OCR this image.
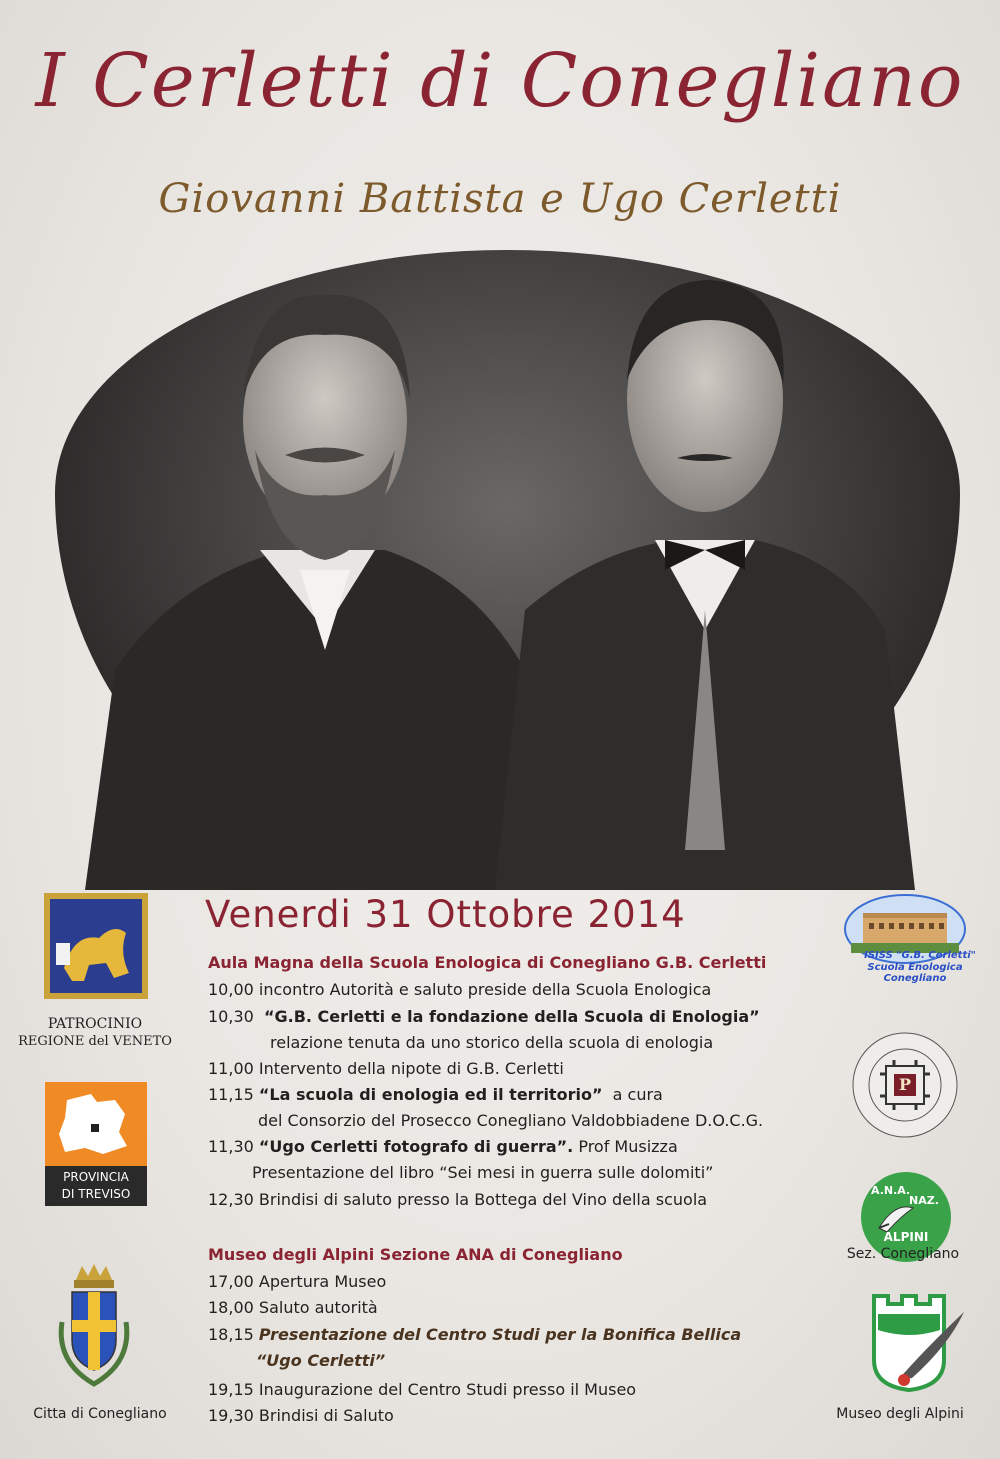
I Cerletti di Conegliano
Giovanni Battista e Ugo Cerletti
Venerdi 31 Ottobre 2014
Aula Magna della Scuola Enologica di Conegliano G.B. Cerletti
10,00 incontro Autorità e saluto preside della Scuola Enologica
10,30 “G.B. Cerletti e la fondazione della Scuola di Enologia”
relazione tenuta da uno storico della scuola di enologia
11,00 Intervento della nipote di G.B. Cerletti
11,15 “La scuola di enologia ed il territorio” a cura
del Consorzio del Prosecco Conegliano Valdobbiadene D.O.C.G.
11,30 “Ugo Cerletti fotografo di guerra”. Prof Musizza
Presentazione del libro “Sei mesi in guerra sulle dolomiti”
12,30 Brindisi di saluto presso la Bottega del Vino della scuola
Museo degli Alpini Sezione ANA di Conegliano
17,00 Apertura Museo
18,00 Saluto autorità
18,15 Presentazione del Centro Studi per la Bonifica Bellica
“Ugo Cerletti”
19,15 Inaugurazione del Centro Studi presso il Museo
19,30 Brindisi di Saluto
PATROCINIO
REGIONE del VENETO
PROVINCIA
DI TREVISO
Citta di Conegliano
ISISS "G.B. Cerletti"
Scuola Enologica Conegliano
P
A.N.A.
NAZ.
ALPINI
Sez. Conegliano
Museo degli Alpini
